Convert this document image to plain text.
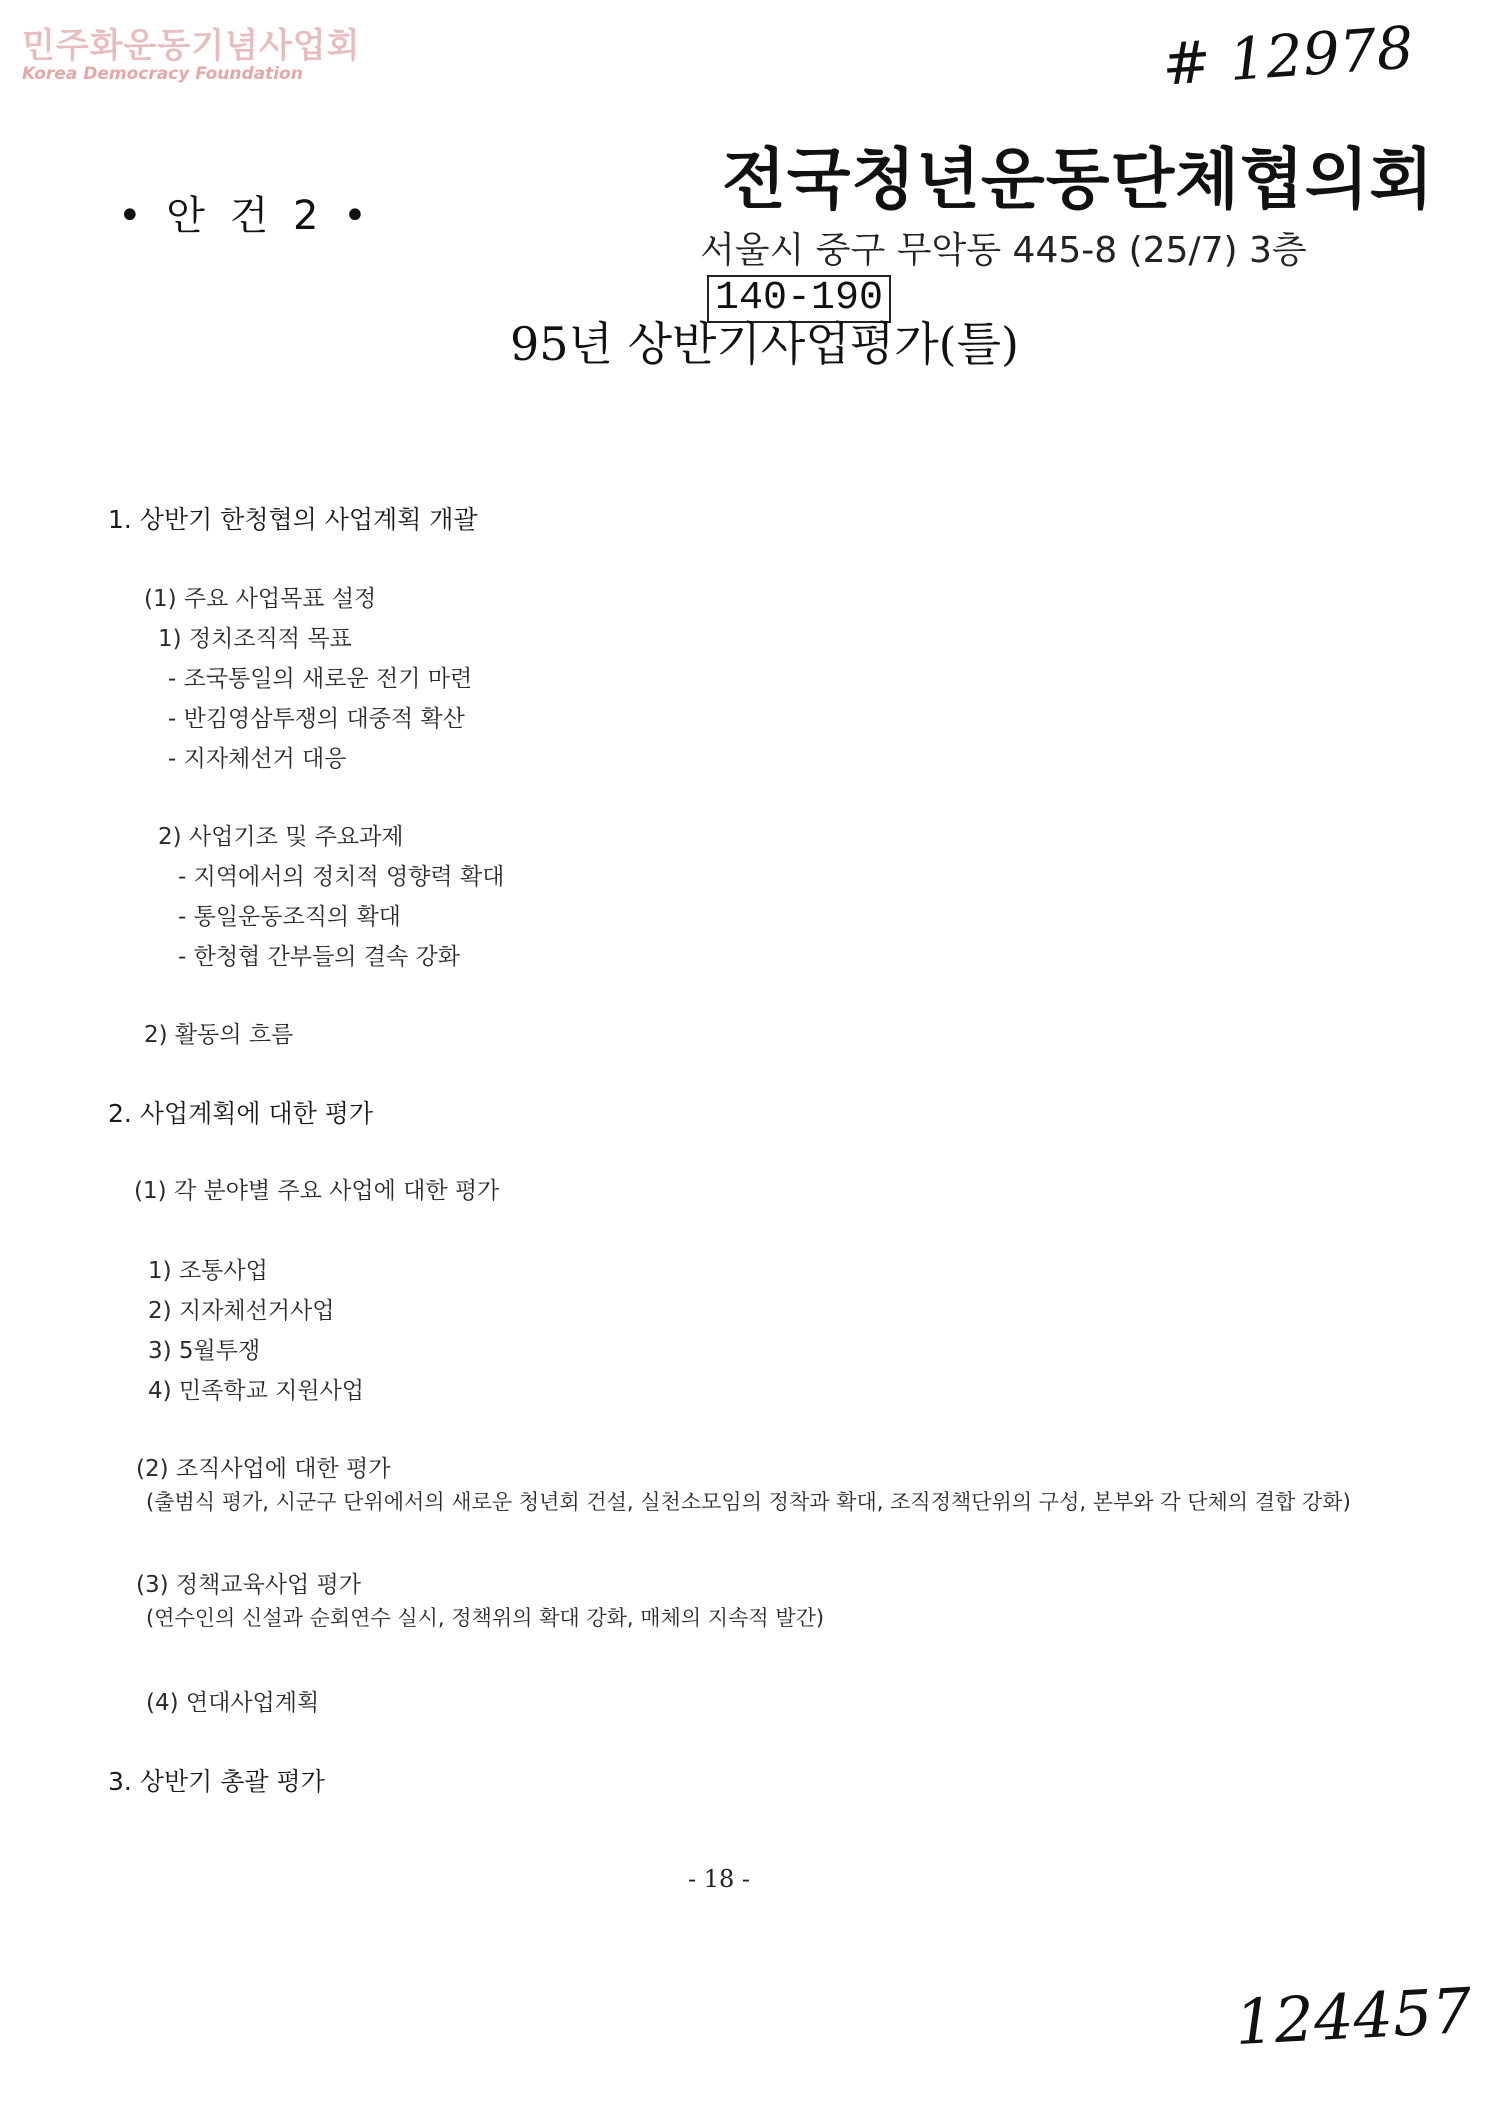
민주화운동기념사업회
Korea Democracy Foundation	# 12978
전국청년운동단체협의회
서울시 중구 무악동 445-8 (25/7) 3층
• 안 건 2 •
140-190
95년 상반기사업평가(틀)
1. 상반기 한청협의 사업계획 개괄
(1) 주요 사업목표 설정
1) 정치조직적 목표
- 조국통일의 새로운 전기 마련
- 반김영삼투쟁의 대중적 확산
- 지자체선거 대응
2) 사업기조 및 주요과제
- 지역에서의 정치적 영향력 확대
- 통일운동조직의 확대
- 한청협 간부들의 결속 강화
2) 활동의 흐름
2. 사업계획에 대한 평가
(1) 각 분야별 주요 사업에 대한 평가
1) 조통사업
2) 지자체선거사업
3) 5월투쟁
4) 민족학교 지원사업
(2) 조직사업에 대한 평가
(출범식 평가, 시군구 단위에서의 새로운 청년회 건설, 실천소모임의 정착과 확대, 조직정책단위의 구성, 본부와 각 단체의 결합 강화)
(3) 정책교육사업 평가
(연수인의 신설과 순회연수 실시, 정책위의 확대 강화, 매체의 지속적 발간)
(4) 연대사업계획
3. 상반기 총괄 평가
- 18 -
124457
